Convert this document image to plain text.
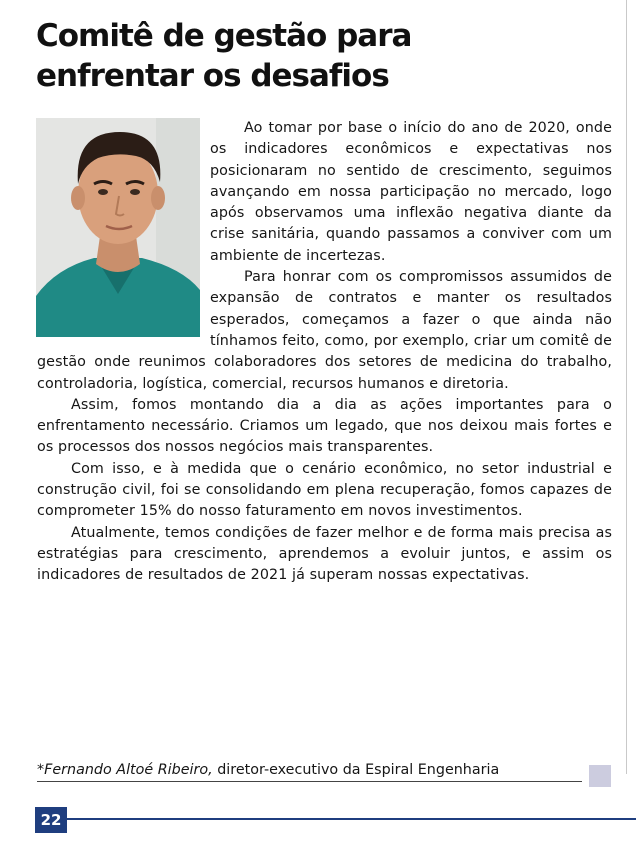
Comitê de gestão para
enfrentar os desafios

Ao tomar por base o início do ano de 2020, onde os indicadores econômicos e expectativas nos posicionaram no sentido de crescimento, seguimos avançando em nossa participação no mercado, logo após observamos uma inflexão negativa diante da crise sanitária, quando passamos a conviver com um ambiente de incertezas.

Para honrar com os compromissos assumidos de expansão de contratos e manter os resultados esperados, começamos a fazer o que ainda não tínhamos feito, como, por exemplo, criar um comitê de gestão onde reunimos colaboradores dos setores de medicina do trabalho, controladoria, logística, comercial, recursos humanos e diretoria.

Assim, fomos montando dia a dia as ações importantes para o enfrentamento necessário. Criamos um legado, que nos deixou mais fortes e os processos dos nossos negócios mais transparentes.

Com isso, e à medida que o cenário econômico, no setor industrial e construção civil, foi se consolidando em plena recuperação, fomos capazes de comprometer 15% do nosso faturamento em novos investimentos.

Atualmente, temos condições de fazer melhor e de forma mais precisa as estratégias para crescimento, aprendemos a evoluir juntos, e assim os indicadores de resultados de 2021 já superam nossas expectativas.

*Fernando Altoé Ribeiro, diretor-executivo da Espiral Engenharia
22
